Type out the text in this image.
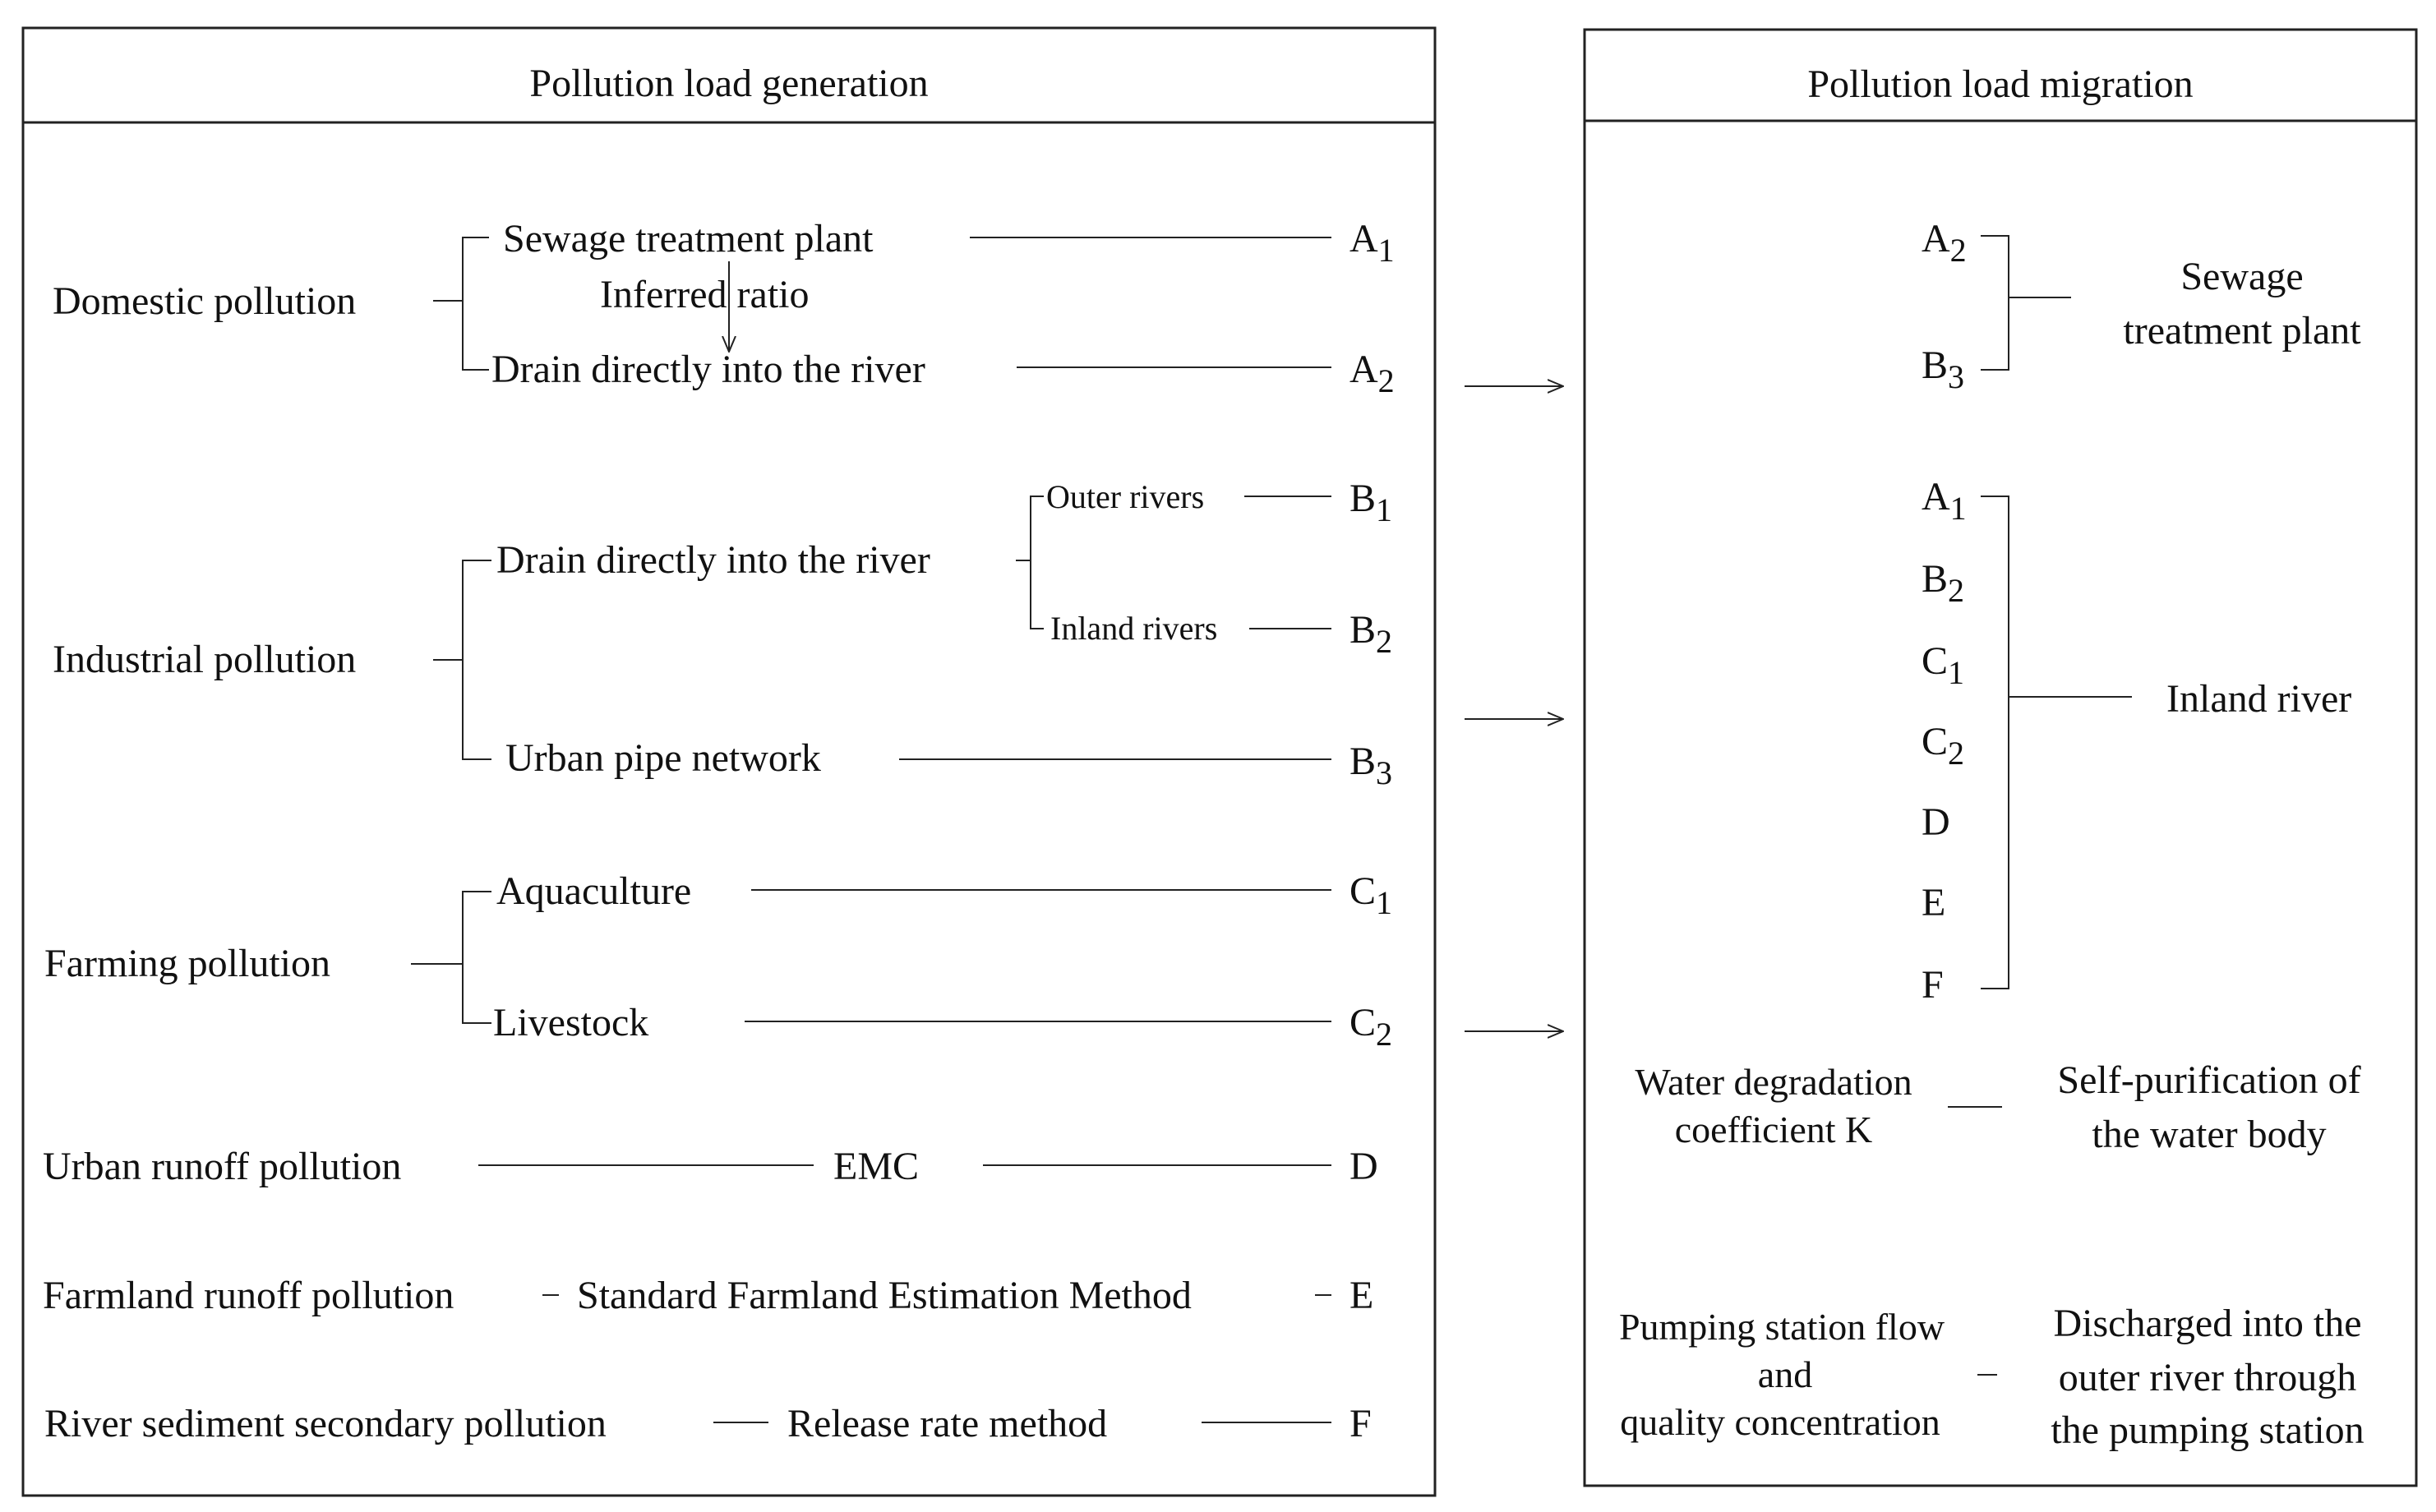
Pollution load generation
Domestic pollution
Sewage treatment plant
Inferred ratio
Drain directly into the river
$A_1$
$A_2$
Industrial pollution
Drain directly into the river
Outer rivers
Inland rivers
Urban pipe network
$B_1$
$B_2$
$B_3$
Farming pollution
Aquaculture
Livestock
$C_1$
$C_2$
Urban runoff pollution	EMC	D
Farmland runoff pollution	Standard Farmland Estimation Method	E
River sediment secondary pollution	Release rate method	F
Pollution load migration
$A_2$
$B_3$
Sewage
treatment plant
$A_1$
$B_2$
$C_1$
$C_2$
D
E
F
Inland river
Water degradation
coefficient K
Self-purification of
the water body
Pumping station flow
and
quality concentration
Discharged into the
outer river through
the pumping station
